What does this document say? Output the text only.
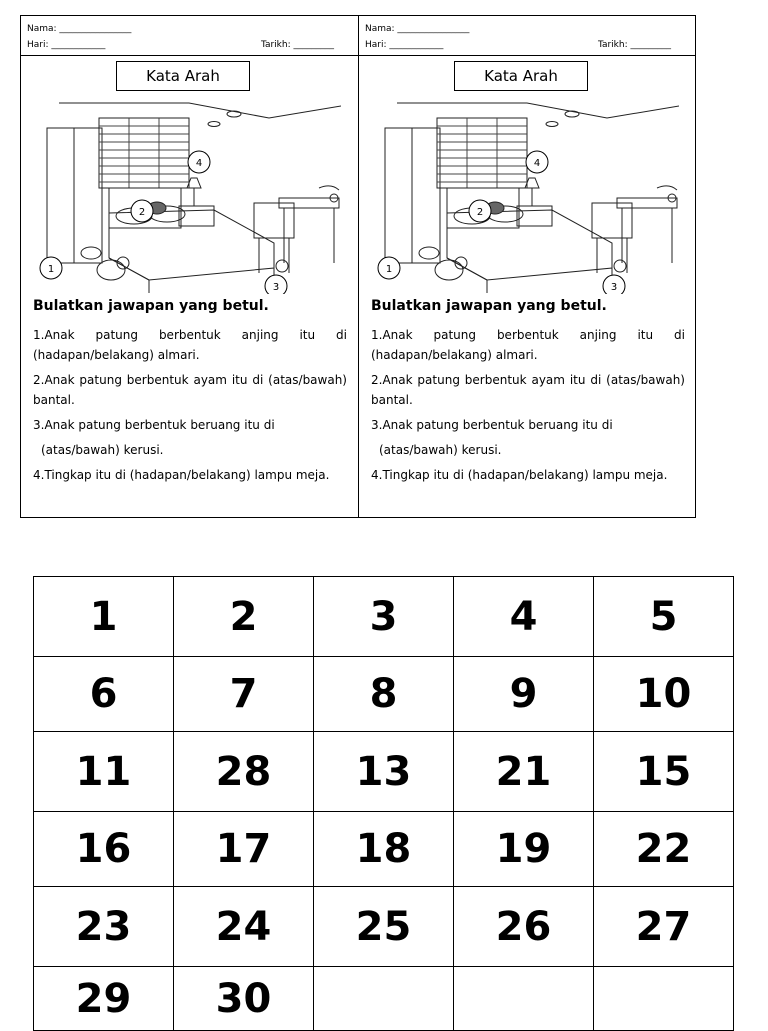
Nama: ________________
Hari: ____________	Tarikh: _________
Kata Arah
1
2
3
4
Bulatkan jawapan yang betul.
1.Anak patung berbentuk anjing itu di (hadapan/belakang) almari.
2.Anak patung berbentuk ayam itu di (atas/bawah) bantal.
3.Anak patung berbentuk beruang itu di
(atas/bawah) kerusi.
4.Tingkap itu di (hadapan/belakang) lampu meja.
Nama: ________________
Hari: ____________	Tarikh: _________
Kata Arah
1
2
3
4
Bulatkan jawapan yang betul.
1.Anak patung berbentuk anjing itu di (hadapan/belakang) almari.
2.Anak patung berbentuk ayam itu di (atas/bawah) bantal.
3.Anak patung berbentuk beruang itu di
(atas/bawah) kerusi.
4.Tingkap itu di (hadapan/belakang) lampu meja.
1	2	3	4	5
6	7	8	9	10
11	28	13	21	15
16	17	18	19	22
23	24	25	26	27
29	30			
